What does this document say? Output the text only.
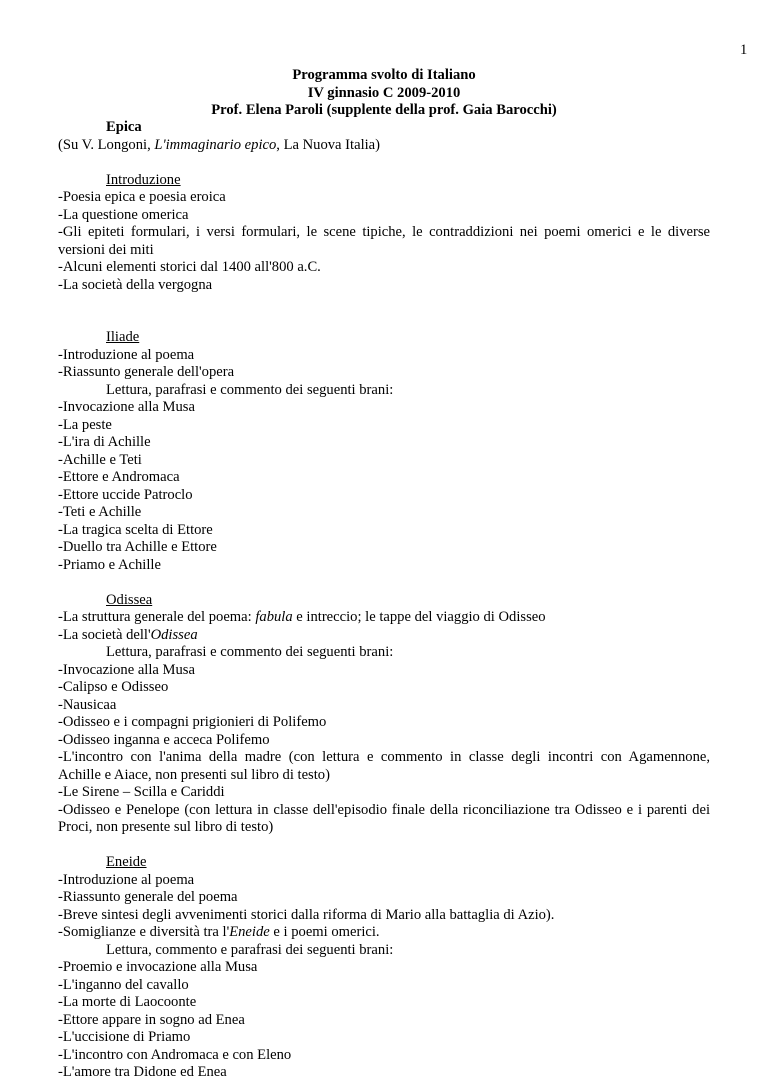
1
Programma svolto di Italiano
IV ginnasio C 2009-2010
Prof. Elena Paroli (supplente della prof. Gaia Barocchi)
Epica
(Su V. Longoni, L'immaginario epico, La Nuova Italia)
Introduzione
-Poesia epica e poesia eroica
-La questione omerica
-Gli epiteti formulari, i versi formulari, le scene tipiche, le contraddizioni nei poemi omerici e le diverse
versioni dei miti
-Alcuni elementi storici dal 1400 all'800 a.C.
-La società della vergogna
Iliade
-Introduzione al poema
-Riassunto generale dell'opera
Lettura, parafrasi e commento dei seguenti brani:
-Invocazione alla Musa
-La peste
-L'ira di Achille
-Achille e Teti
-Ettore e Andromaca
-Ettore uccide Patroclo
-Teti e Achille
-La tragica scelta di Ettore
-Duello tra Achille e Ettore
-Priamo e Achille
Odissea
-La struttura generale del poema: fabula e intreccio; le tappe del viaggio di Odisseo
-La società dell'Odissea
Lettura, parafrasi e commento dei seguenti brani:
-Invocazione alla Musa
-Calipso e Odisseo
-Nausicaa
-Odisseo e i compagni prigionieri di Polifemo
-Odisseo inganna e acceca Polifemo
-L'incontro con l'anima della madre (con lettura e commento in classe degli incontri con Agamennone,
Achille e Aiace, non presenti sul libro di testo)
-Le Sirene – Scilla e Cariddi
-Odisseo e Penelope (con lettura in classe dell'episodio finale della riconciliazione tra Odisseo e i parenti dei
Proci, non presente sul libro di testo)
Eneide
-Introduzione al poema
-Riassunto generale del poema
-Breve sintesi degli avvenimenti storici dalla riforma di Mario alla battaglia di Azio).
-Somiglianze e diversità tra l'Eneide e i poemi omerici.
Lettura, commento e parafrasi dei seguenti brani:
-Proemio e invocazione alla Musa
-L'inganno del cavallo
-La morte di Laocoonte
-Ettore appare in sogno ad Enea
-L'uccisione di Priamo
-L'incontro con Andromaca e con Eleno
-L'amore tra Didone ed Enea
